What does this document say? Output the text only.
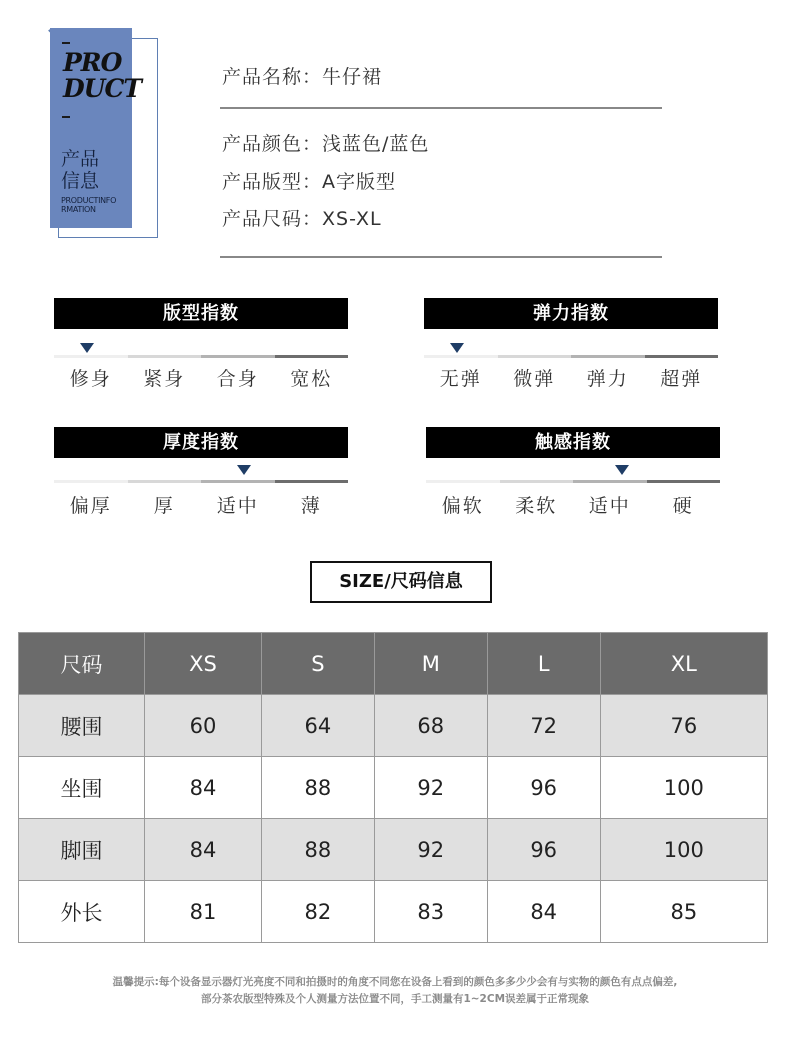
PRO
DUCT
产品
信息
PRODUCTINFO
RMATION
产品名称：牛仔裙
产品颜色：浅蓝色/蓝色
产品版型：A字版型
产品尺码：XS-XL
版型指数
修身	紧身	合身	宽松
弹力指数
无弹	微弹	弹力	超弹
厚度指数
偏厚	厚	适中	薄
触感指数
偏软	柔软	适中	硬
SIZE/尺码信息
尺码	XS	S	M	L	XL
腰围	60	64	68	72	76
坐围	84	88	92	96	100
脚围	84	88	92	96	100
外长	81	82	83	84	85
温馨提示:每个设备显示器灯光亮度不同和拍摄时的角度不同您在设备上看到的颜色多多少少会有与实物的颜色有点点偏差,
部分茶农版型特殊及个人测量方法位置不同，手工测量有1~2CM误差属于正常现象
